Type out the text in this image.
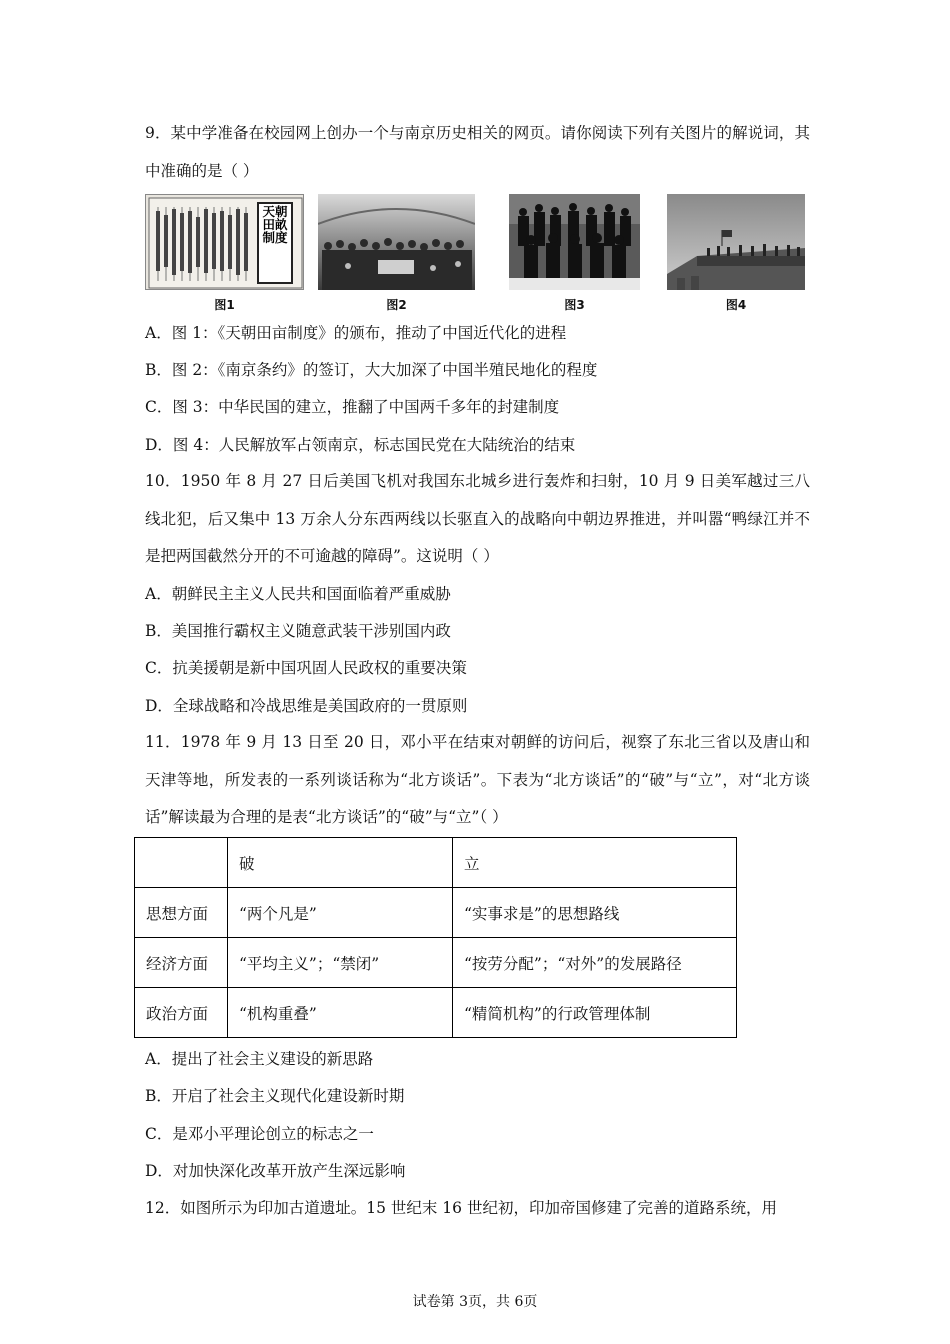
9．某中学准备在校园网上创办一个与南京历史相关的网页。请你阅读下列有关图片的解说词，其中准确的是（ ）
天朝田畝制度
图1	图2	图3	图4
A．图 1：《天朝田亩制度》的颁布，推动了中国近代化的进程
B．图 2：《南京条约》的签订，大大加深了中国半殖民地化的程度
C．图 3：中华民国的建立，推翻了中国两千多年的封建制度
D．图 4：人民解放军占领南京，标志国民党在大陆统治的结束
10．1950 年 8 月 27 日后美国飞机对我国东北城乡进行轰炸和扫射，10 月 9 日美军越过三八线北犯，后又集中 13 万余人分东西两线以长驱直入的战略向中朝边界推进，并叫嚣“鸭绿江并不是把两国截然分开的不可逾越的障碍”。这说明（ ）
A．朝鲜民主主义人民共和国面临着严重威胁
B．美国推行霸权主义随意武装干涉别国内政
C．抗美援朝是新中国巩固人民政权的重要决策
D．全球战略和冷战思维是美国政府的一贯原则
11．1978 年 9 月 13 日至 20 日，邓小平在结束对朝鲜的访问后，视察了东北三省以及唐山和天津等地，所发表的一系列谈话称为“北方谈话”。下表为“北方谈话”的“破”与“立”，对“北方谈话”解读最为合理的是表“北方谈话”的“破”与“立”（ ）
	破	立
思想方面	“两个凡是”	“实事求是”的思想路线
经济方面	“平均主义”；“禁闭”	“按劳分配”；“对外”的发展路径
政治方面	“机构重叠”	“精简机构”的行政管理体制
A．提出了社会主义建设的新思路
B．开启了社会主义现代化建设新时期
C．是邓小平理论创立的标志之一
D．对加快深化改革开放产生深远影响
12．如图所示为印加古道遗址。15 世纪末 16 世纪初，印加帝国修建了完善的道路系统，用
试卷第 3页，共 6页
